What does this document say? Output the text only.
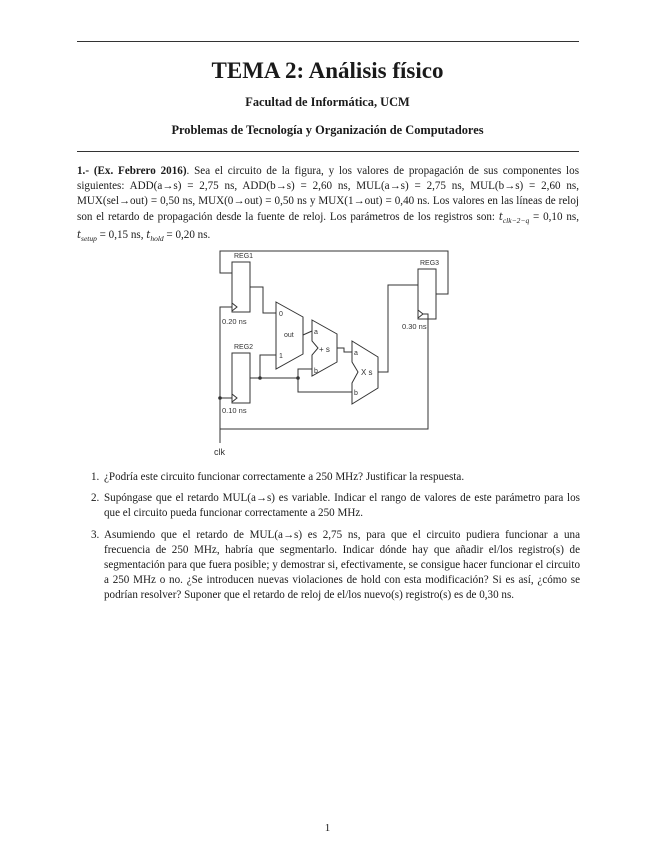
TEMA 2: Análisis físico
Facultad de Informática, UCM
Problemas de Tecnología y Organización de Computadores
1.- (Ex. Febrero 2016). Sea el circuito de la figura, y los valores de propagación de sus componentes los siguientes: ADD(a→s) = 2,75 ns, ADD(b→s) = 2,60 ns, MUL(a→s) = 2,75 ns, MUL(b→s) = 2,60 ns, MUX(sel→out) = 0,50 ns, MUX(0→out) = 0,50 ns y MUX(1→out) = 0,40 ns. Los valores en las líneas de reloj son el retardo de propagación desde la fuente de reloj. Los parámetros de los registros son: $t_{clk-2-q} = 0,10$ ns, $t_{setup} = 0,15$ ns, $t_{hold} = 0,20$ ns.
REG1
REG2
REG3
0.20 ns
0.10 ns
0.30 ns
0
1
out	a
b
+ s	a
b
X s
clk
1. ¿Podría este circuito funcionar correctamente a 250 MHz? Justificar la respuesta.
2. Supóngase que el retardo MUL(a→s) es variable. Indicar el rango de valores de este parámetro para los que el circuito pueda funcionar correctamente a 250 MHz.
3. Asumiendo que el retardo de MUL(a→s) es 2,75 ns, para que el circuito pudiera funcionar a una frecuencia de 250 MHz, habría que segmentarlo. Indicar dónde hay que añadir el/los registro(s) de segmentación para que fuera posible; y demostrar si, efectivamente, se consigue hacer funcionar el circuito a 250 MHz o no. ¿Se introducen nuevas violaciones de hold con esta modificación? Si es así, ¿cómo se podrían resolver? Suponer que el retardo de reloj de el/los nuevo(s) registro(s) es de 0,30 ns.
1
